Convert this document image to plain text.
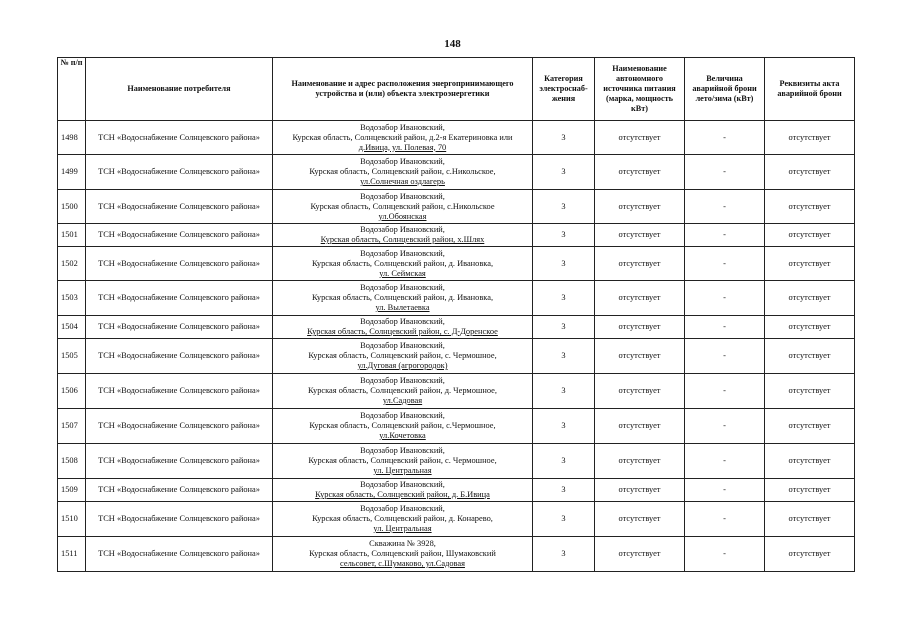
148
№ п/п	Наименование потребителя	Наименование и адрес расположения энергопринимающего устройства и (или) объекта электроэнергетики	Категория электроснаб-жения	Наименование автономного источника питания (марка, мощность кВт)	Величина аварийной брони лето/зима (кВт)	Реквизиты акта аварийной брони
1498	ТСН «Водоснабжение Солнцевского района»	Водозабор Ивановский,
Курская область, Солнцевский район, д.2-я Екатериновка или
д.Ивица, ул. Полевая, 70	3	отсутствует	-	отсутствует
1499	ТСН «Водоснабжение Солнцевского района»	Водозабор Ивановский,
Курская область, Солнцевский район, с.Никольское,
ул.Солнечная оздлагерь	3	отсутствует	-	отсутствует
1500	ТСН «Водоснабжение Солнцевского района»	Водозабор Ивановский,
Курская область, Солнцевский район, с.Никольское
ул.Обоянская	3	отсутствует	-	отсутствует
1501	ТСН «Водоснабжение Солнцевского района»	Водозабор Ивановский,
Курская область, Солнцевский район, х.Шлях	3	отсутствует	-	отсутствует
1502	ТСН «Водоснабжение Солнцевского района»	Водозабор Ивановский,
Курская область, Солнцевский район, д. Ивановка,
ул. Сеймская	3	отсутствует	-	отсутствует
1503	ТСН «Водоснабжение Солнцевского района»	Водозабор Ивановский,
Курская область, Солнцевский район, д. Ивановка,
ул. Вылетаевка	3	отсутствует	-	отсутствует
1504	ТСН «Водоснабжение Солнцевского района»	Водозабор Ивановский,
Курская область, Солнцевский район, с. Д-Доренское	3	отсутствует	-	отсутствует
1505	ТСН «Водоснабжение Солнцевского района»	Водозабор Ивановский,
Курская область, Солнцевский район, с. Чермошное,
ул.Дуговая (агрогородок)	3	отсутствует	-	отсутствует
1506	ТСН «Водоснабжение Солнцевского района»	Водозабор Ивановский,
Курская область, Солнцевский район, д. Чермошное,
ул.Садовая	3	отсутствует	-	отсутствует
1507	ТСН «Водоснабжение Солнцевского района»	Водозабор Ивановский,
Курская область, Солнцевский район, с.Чермошное,
ул.Кочетовка	3	отсутствует	-	отсутствует
1508	ТСН «Водоснабжение Солнцевского района»	Водозабор Ивановский,
Курская область, Солнцевский район, с. Чермошное,
ул. Центральная	3	отсутствует	-	отсутствует
1509	ТСН «Водоснабжение Солнцевского района»	Водозабор Ивановский,
Курская область, Солнцевский район, д. Б.Ивица	3	отсутствует	-	отсутствует
1510	ТСН «Водоснабжение Солнцевского района»	Водозабор Ивановский,
Курская область, Солнцевский район, д. Конарево,
ул. Центральная	3	отсутствует	-	отсутствует
1511	ТСН «Водоснабжение Солнцевского района»	Скважина № 3928,
Курская область, Солнцевский район, Шумаковский
сельсовет, с.Шумаково, ул.Садовая	3	отсутствует	-	отсутствует
